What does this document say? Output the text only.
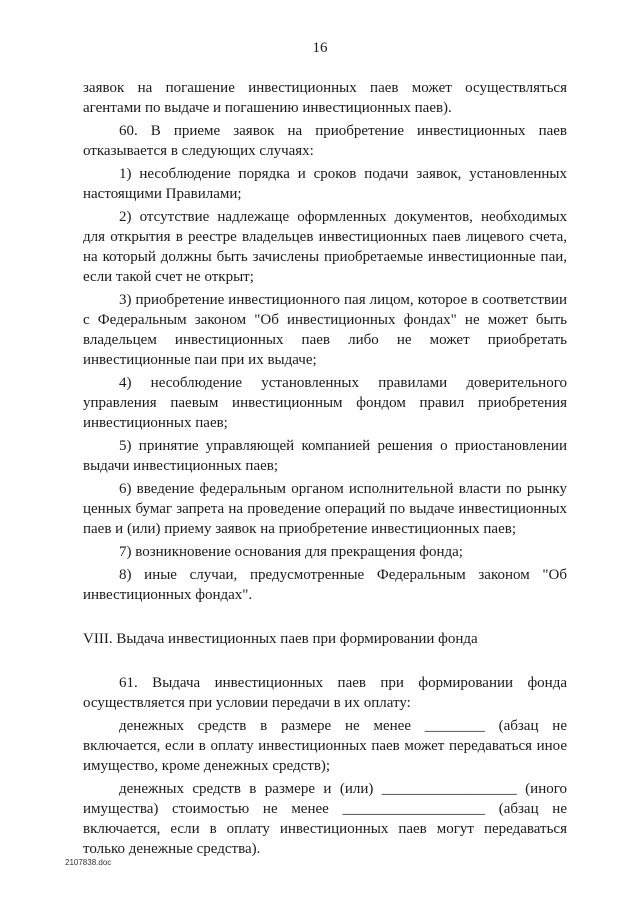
16

заявок на погашение инвестиционных паев может осуществляться агентами по выдаче и погашению инвестиционных паев).

60. В приеме заявок на приобретение инвестиционных паев отказывается в следующих случаях:

1) несоблюдение порядка и сроков подачи заявок, установленных настоящими Правилами;

2) отсутствие надлежаще оформленных документов, необходимых для открытия в реестре владельцев инвестиционных паев лицевого счета, на который должны быть зачислены приобретаемые инвестиционные паи, если такой счет не открыт;

3) приобретение инвестиционного пая лицом, которое в соответствии с Федеральным законом "Об инвестиционных фондах" не может быть владельцем инвестиционных паев либо не может приобретать инвестиционные паи при их выдаче;

4) несоблюдение установленных правилами доверительного управления паевым инвестиционным фондом правил приобретения инвестиционных паев;

5) принятие управляющей компанией решения о приостановлении выдачи инвестиционных паев;

6) введение федеральным органом исполнительной власти по рынку ценных бумаг запрета на проведение операций по выдаче инвестиционных паев и (или) приему заявок на приобретение инвестиционных паев;

7) возникновение основания для прекращения фонда;

8) иные случаи, предусмотренные Федеральным законом "Об инвестиционных фондах".

VIII. Выдача инвестиционных паев при формировании фонда

61. Выдача инвестиционных паев при формировании фонда осуществляется при условии передачи в их оплату:

денежных средств в размере не менее ________ (абзац не включается, если в оплату инвестиционных паев может передаваться иное имущество, кроме денежных средств);

денежных средств в размере и (или) __________________ (иного имущества) стоимостью не менее ___________________ (абзац не включается, если в оплату инвестиционных паев могут передаваться только денежные средства).

2107838.doc
